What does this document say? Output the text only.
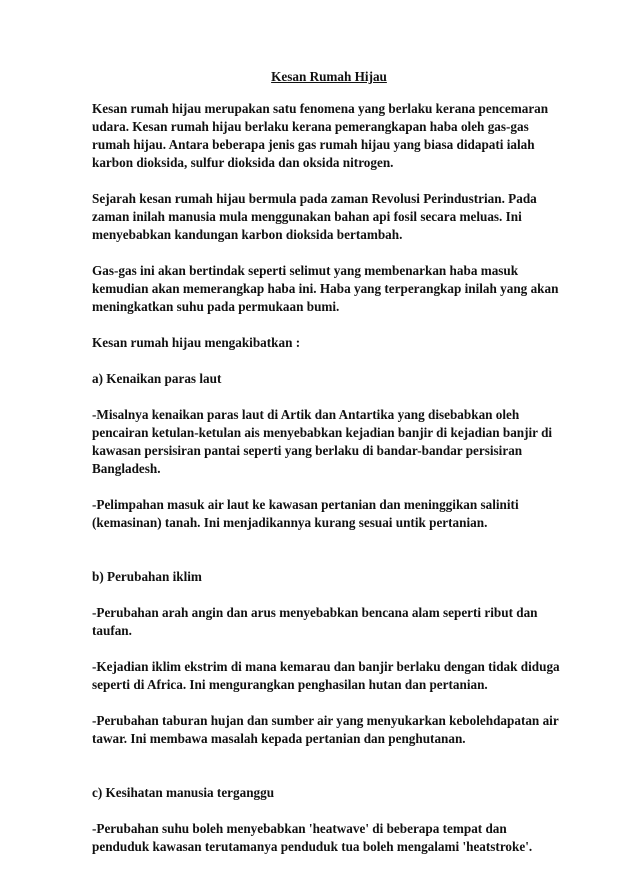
Kesan Rumah Hijau
Kesan rumah hijau merupakan satu fenomena yang berlaku kerana pencemaran
udara. Kesan rumah hijau berlaku kerana pemerangkapan haba oleh gas-gas
rumah hijau. Antara beberapa jenis gas rumah hijau yang biasa didapati ialah
karbon dioksida, sulfur dioksida dan oksida nitrogen.
Sejarah kesan rumah hijau bermula pada zaman Revolusi Perindustrian. Pada
zaman inilah manusia mula menggunakan bahan api fosil secara meluas. Ini
menyebabkan kandungan karbon dioksida bertambah.
Gas-gas ini akan bertindak seperti selimut yang membenarkan haba masuk
kemudian akan memerangkap haba ini. Haba yang terperangkap inilah yang akan
meningkatkan suhu pada permukaan bumi.
Kesan rumah hijau mengakibatkan :
a) Kenaikan paras laut
-Misalnya kenaikan paras laut di Artik dan Antartika yang disebabkan oleh
pencairan ketulan-ketulan ais menyebabkan kejadian banjir di kejadian banjir di
kawasan persisiran pantai seperti yang berlaku di bandar-bandar persisiran
Bangladesh.
-Pelimpahan masuk air laut ke kawasan pertanian dan meninggikan saliniti
(kemasinan) tanah. Ini menjadikannya kurang sesuai untik pertanian.
b) Perubahan iklim
-Perubahan arah angin dan arus menyebabkan bencana alam seperti ribut dan
taufan.
-Kejadian iklim ekstrim di mana kemarau dan banjir berlaku dengan tidak diduga
seperti di Africa. Ini mengurangkan penghasilan hutan dan pertanian.
-Perubahan taburan hujan dan sumber air yang menyukarkan kebolehdapatan air
tawar. Ini membawa masalah kepada pertanian dan penghutanan.
c) Kesihatan manusia terganggu
-Perubahan suhu boleh menyebabkan 'heatwave' di beberapa tempat dan
penduduk kawasan terutamanya penduduk tua boleh mengalami 'heatstroke'.
